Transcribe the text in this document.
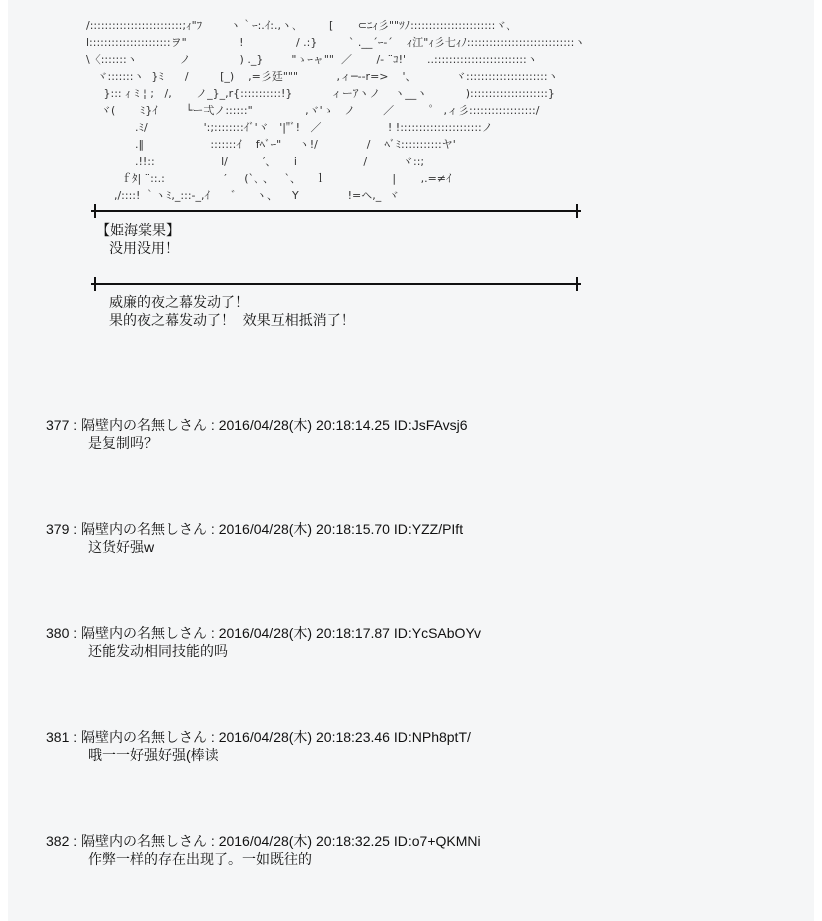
/:::::::::::::::::::::::::;ｨ"ﾌ        ヽ｀ｰ:.ｲ:.,ヽ､         [       ⊂ﾆｨ彡""ﾂﾉ:::::::::::::::::::::::ヾ､
l::::::::::::::::::::::ヲ"               !               / .:}         ` .__´ｰ-´    ｨ江"ｨ彡七ｨﾉ:::::::::::::::::::::::::::::ヽ
\〈:::::::ヽ            ノ              ) ._}        "ゝｰャ""  ／       /- ¨ｺ!'      ..:::::::::::::::::::::::::ヽ
ヾ:::::::ヽ  }ﾐ      /         [_)    ,=彡廷"""           ,ィ─--r=>    '、           ヾ::::::::::::::::::::::ヽ
}::: ｨ ﾐ ¦ ;   /,       ノ_}_,r{:::::::::::!}           ィーｱヽノ    ヽ__ヽ           ):::::::::::::::::::::}
ヾ(       ﾐ}ｲ        └ー弌ノ::::::"               ,ヾ'ゝ   ノ        ／          ゜ ,ィ彡::::::::::::::::::/
.ﾐ/                ':;::::::::ｲﾞ'ヾ   '|"ﾞ!   ／                   ! !::::::::::::::::::::::ノ
.‖                   :::::::ｲ    fﾍﾞｰ"     ヽ!/              /    ﾍﾞﾐ:::::::::::ヤ'
.!!::                   l/          ′、     i                   /          ヾ::;
ｆﾀ| ¨::.:                 ′     (`､ 、   `、    ｌ                   |       ,.=≠ｲ
,/::::! ｀ヽﾐ,_:::-_,ｲ      ゛    ヽ、    Y              !=ヘ,_  ヾ
【姫海棠果】
没用没用！
威廉的夜之幕发动了！
果的夜之幕发动了！  效果互相抵消了！
377 : 隔壁内の名無しさん : 2016/04/28(木) 20:18:14.25 ID:JsFAvsj6
是复制吗？
379 : 隔壁内の名無しさん : 2016/04/28(木) 20:18:15.70 ID:YZZ/PIft
这货好强w
380 : 隔壁内の名無しさん : 2016/04/28(木) 20:18:17.87 ID:YcSAbOYv
还能发动相同技能的吗
381 : 隔壁内の名無しさん : 2016/04/28(木) 20:18:23.46 ID:NPh8ptT/
哦一一好强好强(棒读
382 : 隔壁内の名無しさん : 2016/04/28(木) 20:18:32.25 ID:o7+QKMNi
作弊一样的存在出现了。一如既往的
